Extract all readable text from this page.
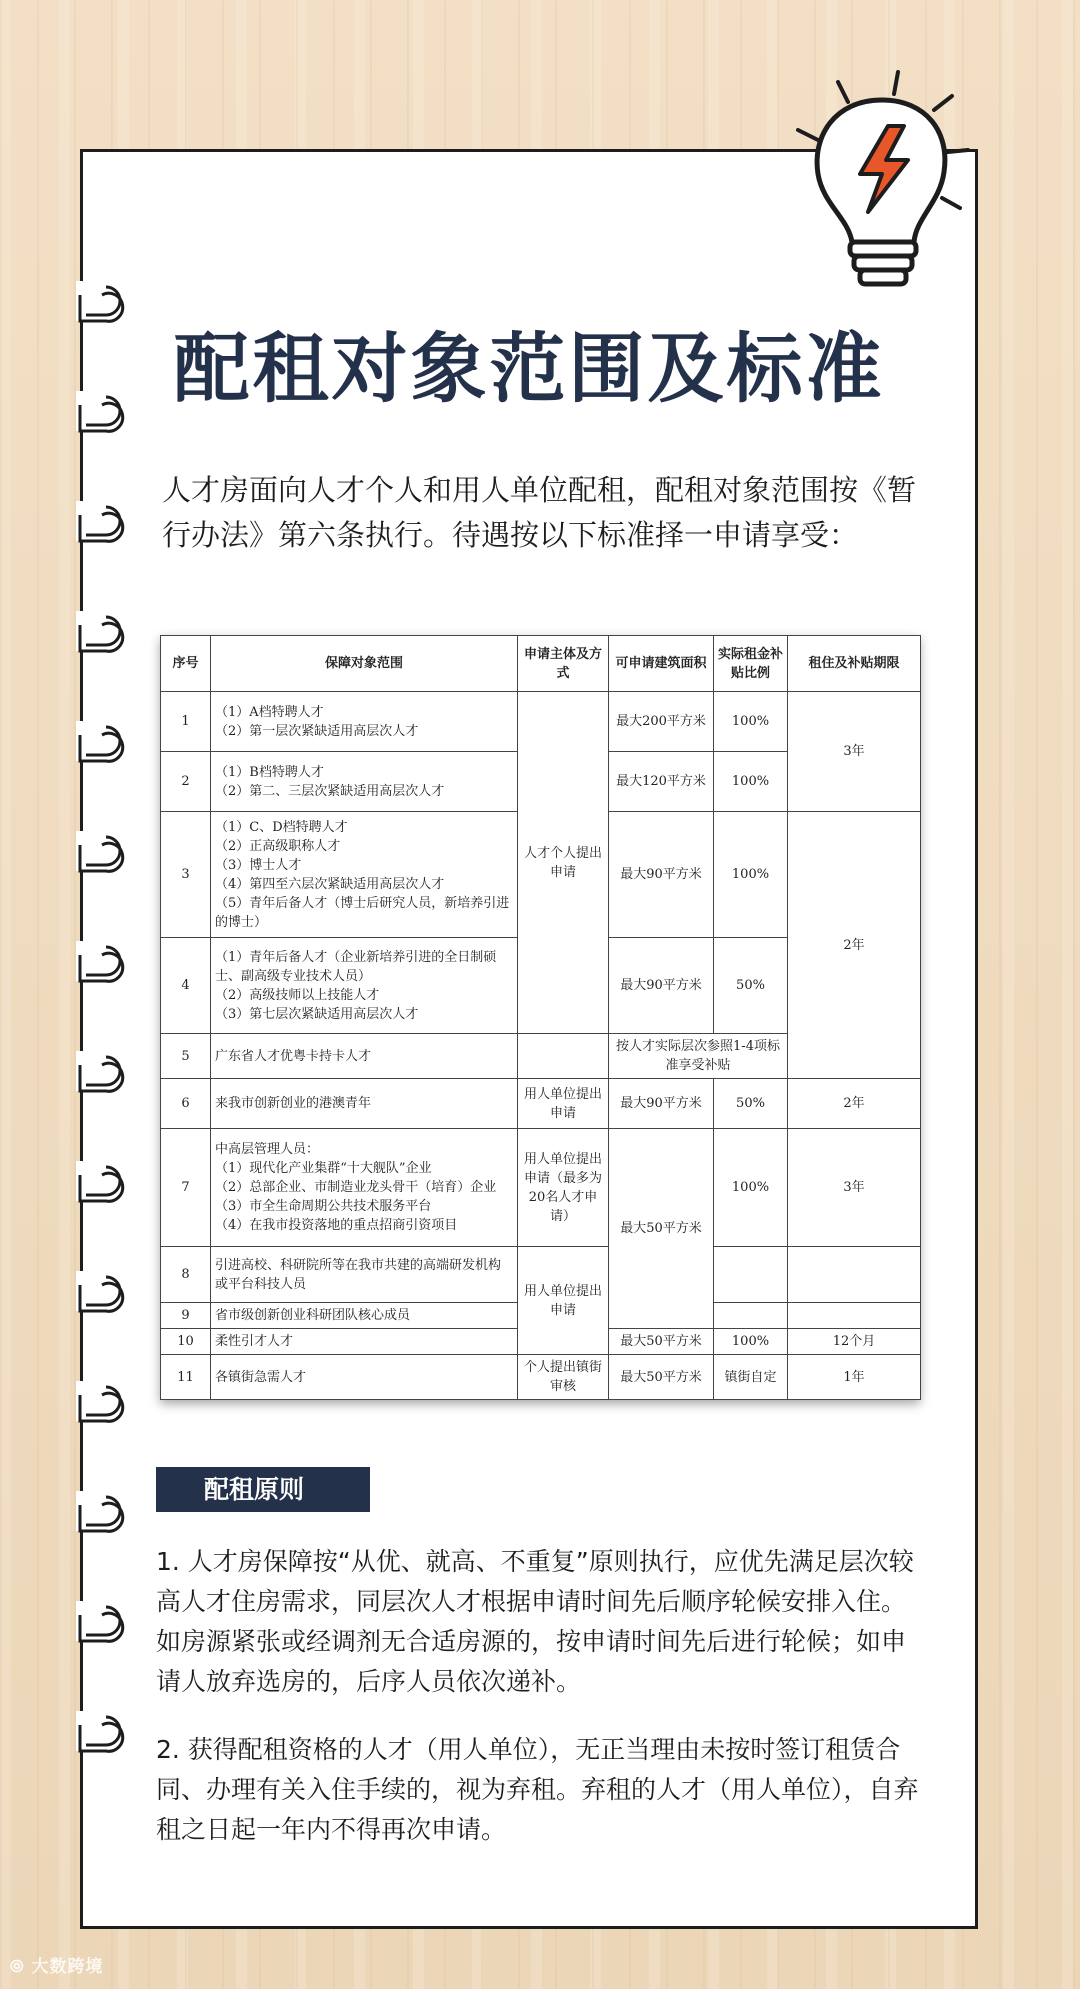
配租对象范围及标准

人才房面向人才个人和用人单位配租，配租对象范围按《暂行办法》第六条执行。待遇按以下标准择一申请享受：

序号	保障对象范围	申请主体及方式	可申请建筑面积	实际租金补贴比例	租住及补贴期限
1	（1）A档特聘人才
（2）第一层次紧缺适用高层次人才	人才个人提出申请	最大200平方米	100%	3年
2	（1）B档特聘人才
（2）第二、三层次紧缺适用高层次人才		最大120平方米	100%	
3	（1）C、D档特聘人才
（2）正高级职称人才
（3）博士人才
（4）第四至六层次紧缺适用高层次人才
（5）青年后备人才（博士后研究人员，新培养引进的博士）		最大90平方米	100%	2年
4	（1）青年后备人才（企业新培养引进的全日制硕士、副高级专业技术人员）
（2）高级技师以上技能人才
（3）第七层次紧缺适用高层次人才		最大90平方米	50%	
5	广东省人才优粤卡持卡人才		按人才实际层次参照1-4项标准享受补贴		
6	来我市创新创业的港澳青年	用人单位提出申请	最大90平方米	50%	2年
7	中高层管理人员：
（1）现代化产业集群“十大舰队”企业
（2）总部企业、市制造业龙头骨干（培育）企业
（3）市全生命周期公共技术服务平台
（4）在我市投资落地的重点招商引资项目	用人单位提出申请（最多为20名人才申请）	最大50平方米	100%	3年
8	引进高校、科研院所等在我市共建的高端研发机构或平台科技人员	用人单位提出申请			
9	省市级创新创业科研团队核心成员				
10	柔性引才人才		最大50平方米	100%	12个月
11	各镇街急需人才	个人提出镇街审核	最大50平方米	镇街自定	1年
配租原则

1. 人才房保障按“从优、就高、不重复”原则执行，应优先满足层次较高人才住房需求，同层次人才根据申请时间先后顺序轮候安排入住。如房源紧张或经调剂无合适房源的，按申请时间先后进行轮候；如申请人放弃选房的，后序人员依次递补。

2. 获得配租资格的人才（用人单位），无正当理由未按时签订租赁合同、办理有关入住手续的，视为弃租。弃租的人才（用人单位），自弃租之日起一年内不得再次申请。

⦾ 大数跨境
